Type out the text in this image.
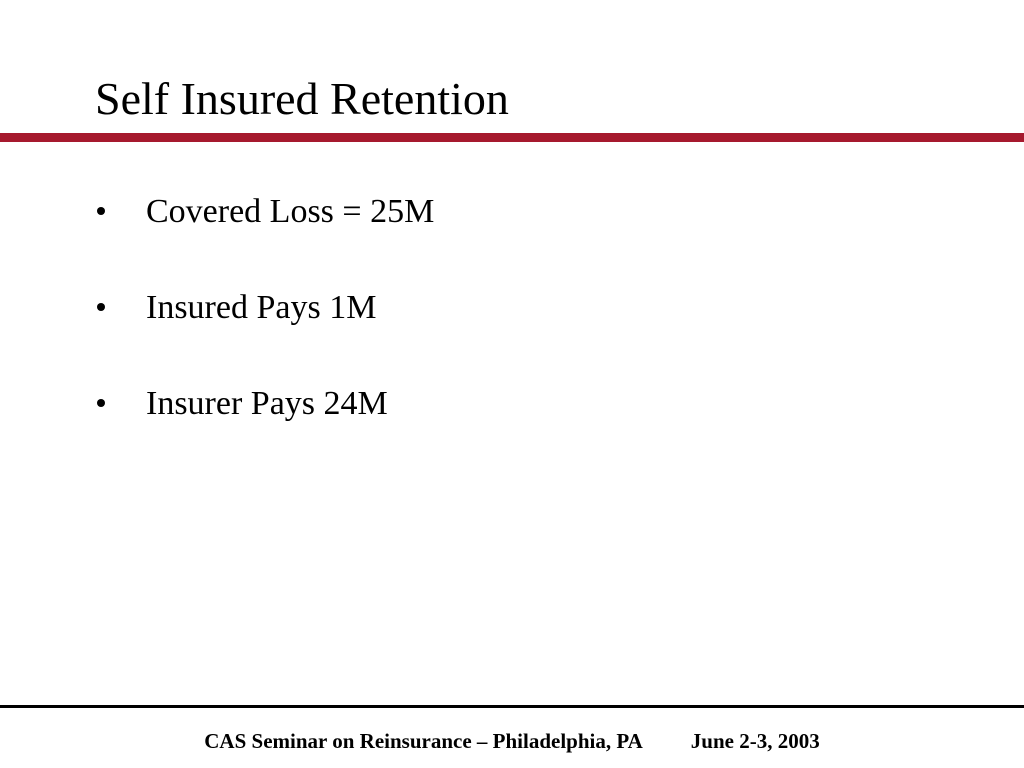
Self Insured Retention
Covered Loss = 25M
Insured Pays 1M
Insurer Pays 24M
CAS Seminar on Reinsurance – Philadelphia, PA June 2-3, 2003
